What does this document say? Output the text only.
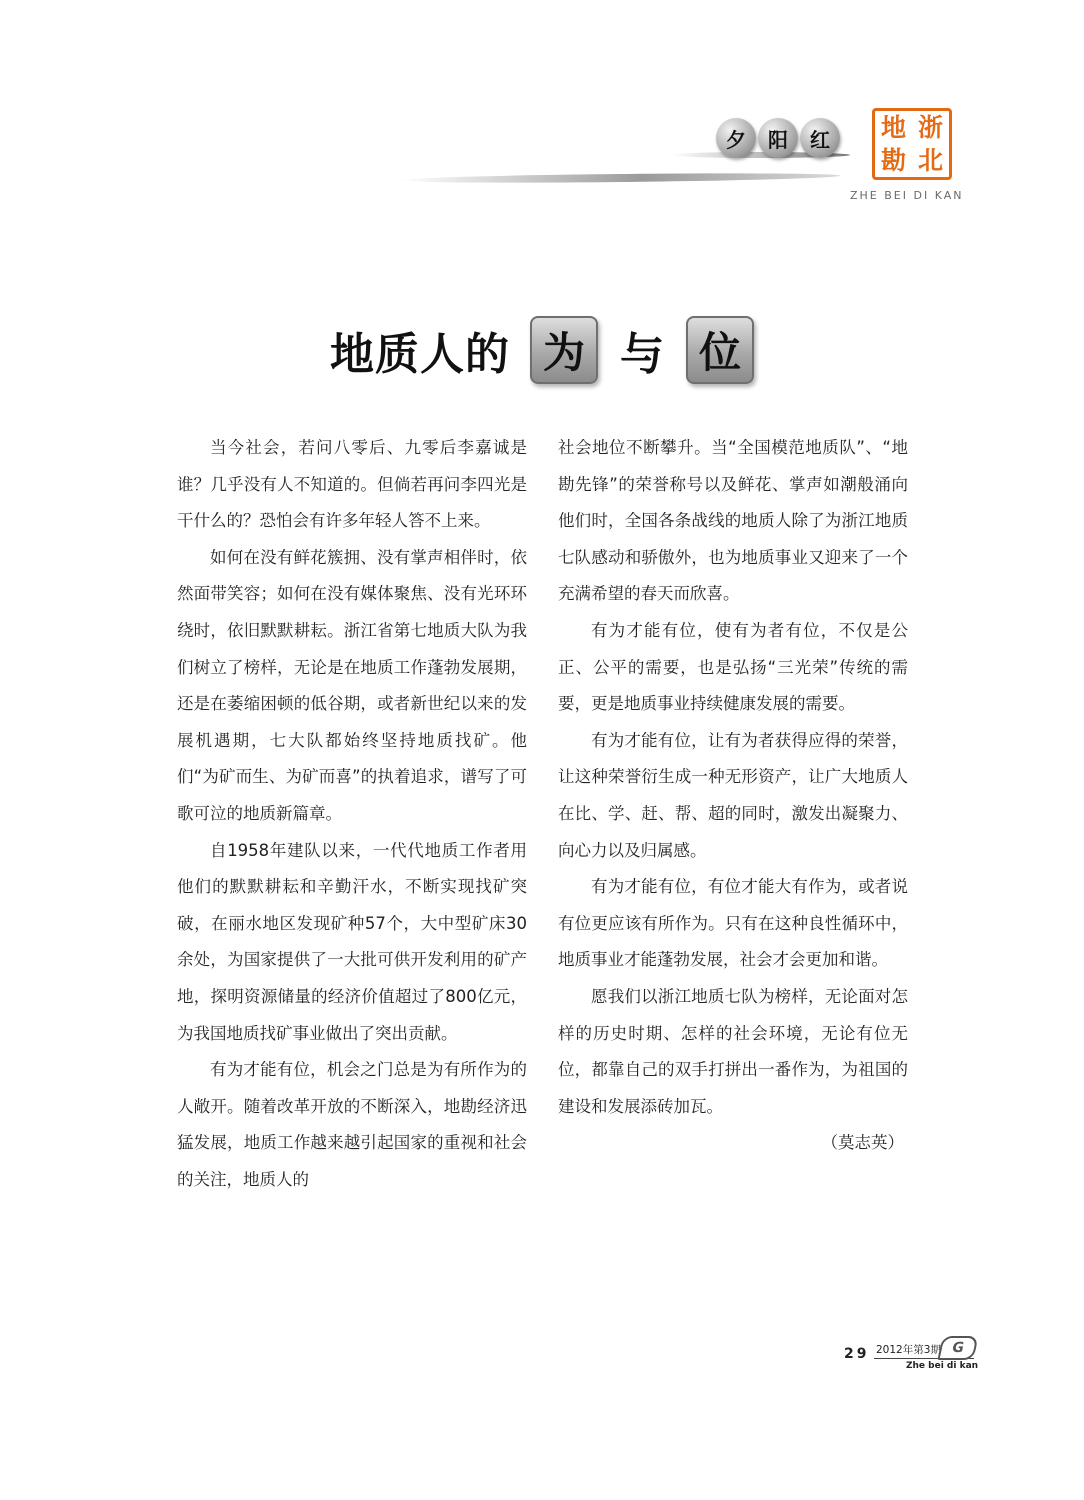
夕	阳	红	地 浙
勘 北
ZHE BEI DI KAN
地质人的 为 与 位

当今社会，若问八零后、九零后李嘉诚是谁？几乎没有人不知道的。但倘若再问李四光是干什么的？恐怕会有许多年轻人答不上来。

如何在没有鲜花簇拥、没有掌声相伴时，依然面带笑容；如何在没有媒体聚焦、没有光环环绕时，依旧默默耕耘。浙江省第七地质大队为我们树立了榜样，无论是在地质工作蓬勃发展期，还是在萎缩困顿的低谷期，或者新世纪以来的发展机遇期，七大队都始终坚持地质找矿。他们“为矿而生、为矿而喜”的执着追求，谱写了可歌可泣的地质新篇章。

自1958年建队以来，一代代地质工作者用他们的默默耕耘和辛勤汗水，不断实现找矿突破，在丽水地区发现矿种57个，大中型矿床30余处，为国家提供了一大批可供开发利用的矿产地，探明资源储量的经济价值超过了800亿元，为我国地质找矿事业做出了突出贡献。

有为才能有位，机会之门总是为有所作为的人敞开。随着改革开放的不断深入，地勘经济迅猛发展，地质工作越来越引起国家的重视和社会的关注，地质人的

社会地位不断攀升。当“全国模范地质队”、“地勘先锋”的荣誉称号以及鲜花、掌声如潮般涌向他们时，全国各条战线的地质人除了为浙江地质七队感动和骄傲外，也为地质事业又迎来了一个充满希望的春天而欣喜。

有为才能有位，使有为者有位，不仅是公正、公平的需要，也是弘扬“三光荣”传统的需要，更是地质事业持续健康发展的需要。

有为才能有位，让有为者获得应得的荣誉，让这种荣誉衍生成一种无形资产，让广大地质人在比、学、赶、帮、超的同时，激发出凝聚力、向心力以及归属感。

有为才能有位，有位才能大有作为，或者说有位更应该有所作为。只有在这种良性循环中，地质事业才能蓬勃发展，社会才会更加和谐。

愿我们以浙江地质七队为榜样，无论面对怎样的历史时期、怎样的社会环境，无论有位无位，都靠自己的双手打拼出一番作为，为祖国的建设和发展添砖加瓦。

（莫志英）

29 2012年第3期
Zhe bei di kan
G
